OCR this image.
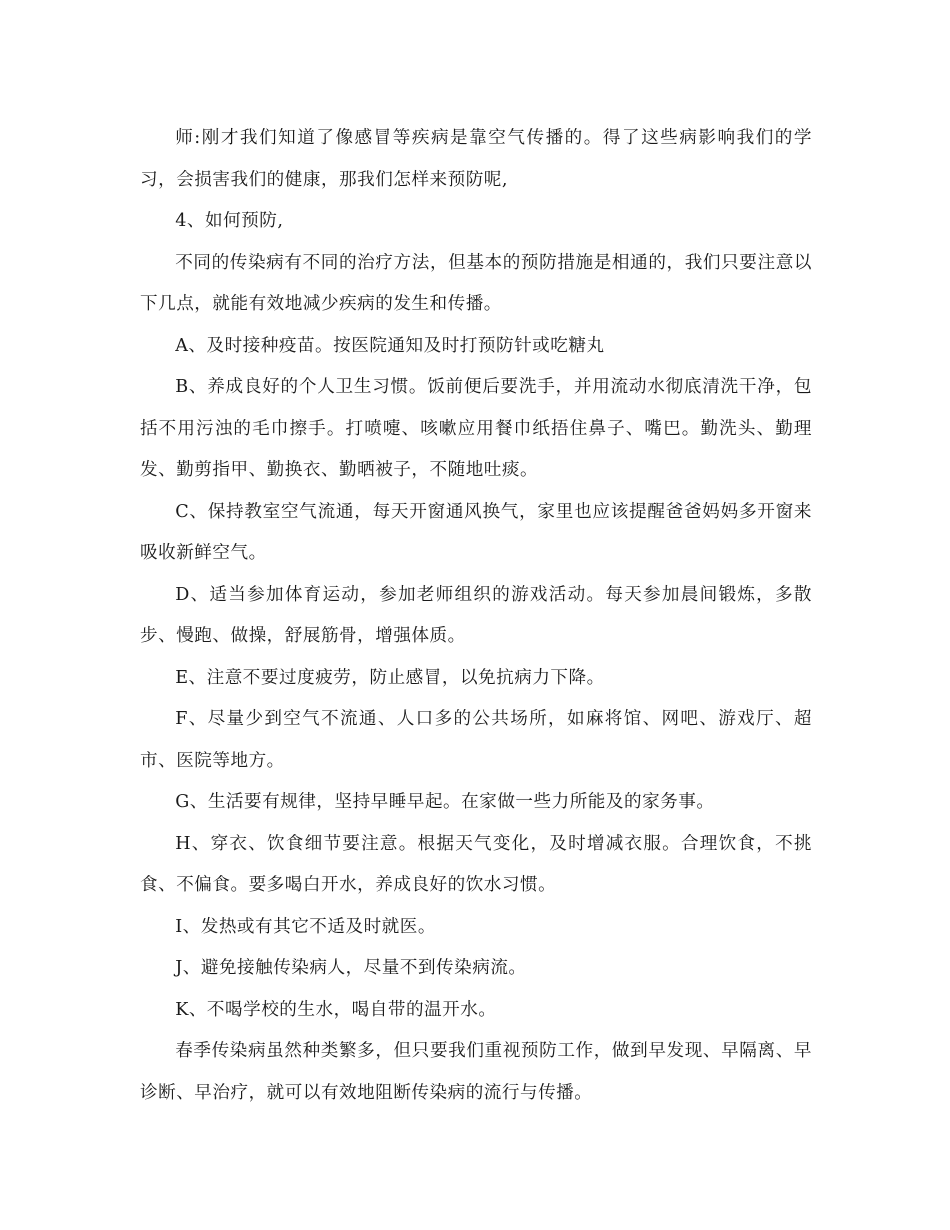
师:刚才我们知道了像感冒等疾病是靠空气传播的。得了这些病影响我们的学习，会损害我们的健康，那我们怎样来预防呢,

4、如何预防,

不同的传染病有不同的治疗方法，但基本的预防措施是相通的，我们只要注意以下几点，就能有效地减少疾病的发生和传播。

A、及时接种疫苗。按医院通知及时打预防针或吃糖丸

B、养成良好的个人卫生习惯。饭前便后要洗手，并用流动水彻底清洗干净，包括不用污浊的毛巾擦手。打喷嚏、咳嗽应用餐巾纸捂住鼻子、嘴巴。勤洗头、勤理发、勤剪指甲、勤换衣、勤晒被子，不随地吐痰。

C、保持教室空气流通，每天开窗通风换气，家里也应该提醒爸爸妈妈多开窗来吸收新鲜空气。

D、适当参加体育运动，参加老师组织的游戏活动。每天参加晨间锻炼，多散步、慢跑、做操，舒展筋骨，增强体质。

E、注意不要过度疲劳，防止感冒，以免抗病力下降。

F、尽量少到空气不流通、人口多的公共场所，如麻将馆、网吧、游戏厅、超市、医院等地方。

G、生活要有规律，坚持早睡早起。在家做一些力所能及的家务事。

H、穿衣、饮食细节要注意。根据天气变化，及时增减衣服。合理饮食，不挑食、不偏食。要多喝白开水，养成良好的饮水习惯。

I、发热或有其它不适及时就医。

J、避免接触传染病人，尽量不到传染病流。

K、不喝学校的生水，喝自带的温开水。

春季传染病虽然种类繁多，但只要我们重视预防工作，做到早发现、早隔离、早诊断、早治疗，就可以有效地阻断传染病的流行与传播。
